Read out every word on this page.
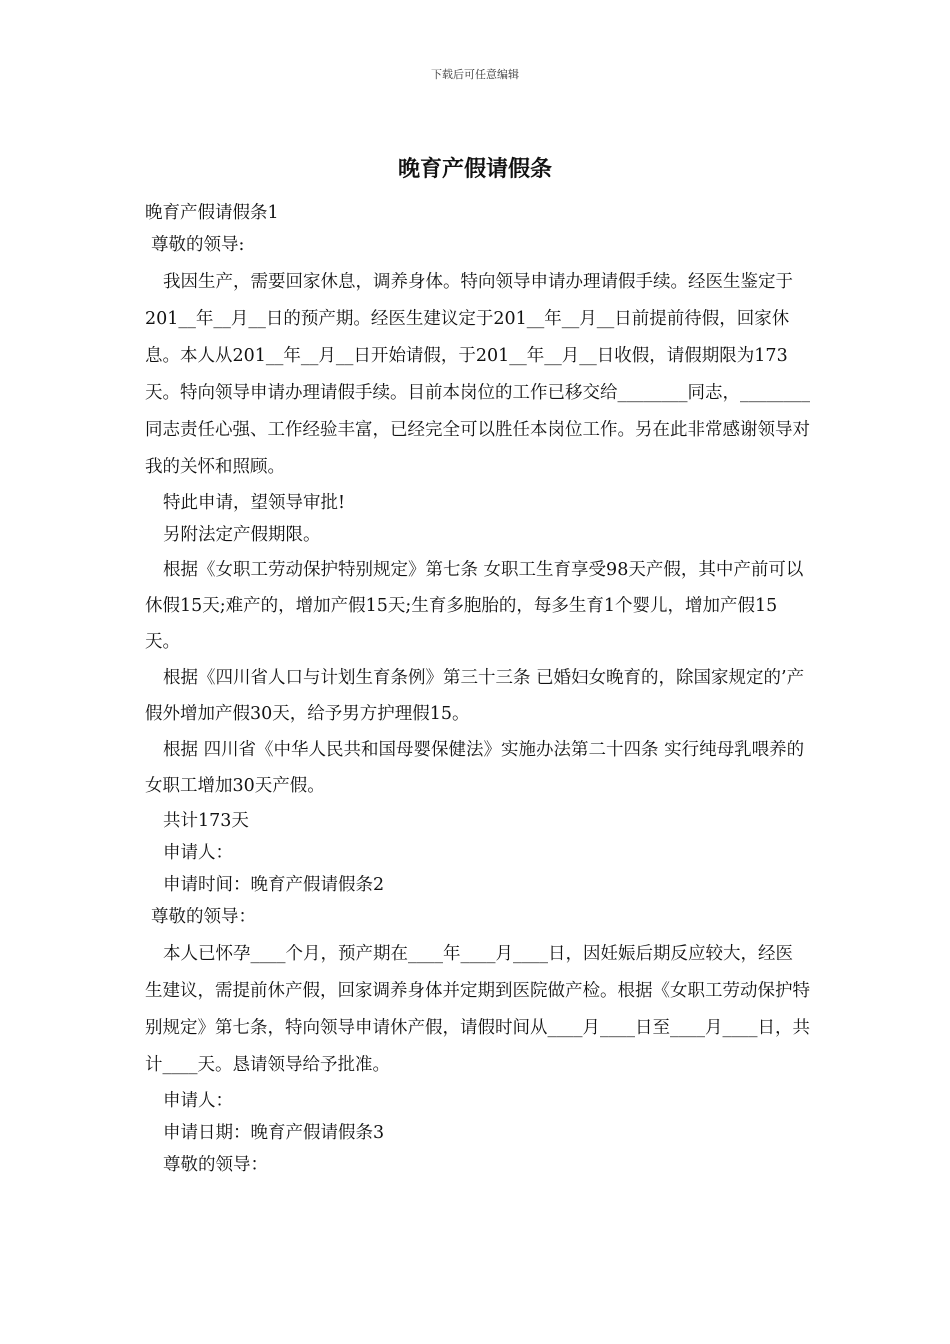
下载后可任意编辑
晚育产假请假条
晚育产假请假条1
尊敬的领导:

我因生产，需要回家休息，调养身体。特向领导申请办理请假手续。经医生鉴定于201__年__月__日的预产期。经医生建议定于201__年__月__日前提前待假，回家休息。本人从201__年__月__日开始请假，于201__年__月__日收假，请假期限为173天。特向领导申请办理请假手续。目前本岗位的工作已移交给________同志，________同志责任心强、工作经验丰富，已经完全可以胜任本岗位工作。另在此非常感谢领导对我的关怀和照顾。

特此申请，望领导审批!
另附法定产假期限。

根据《女职工劳动保护特别规定》第七条 女职工生育享受98天产假，其中产前可以休假15天;难产的，增加产假15天;生育多胞胎的，每多生育1个婴儿，增加产假15天。

根据《四川省人口与计划生育条例》第三十三条 已婚妇女晚育的，除国家规定的’产假外增加产假30天，给予男方护理假15。

根据 四川省《中华人民共和国母婴保健法》实施办法第二十四条 实行纯母乳喂养的女职工增加30天产假。

共计173天
申请人：
申请时间：晚育产假请假条2
尊敬的领导：

本人已怀孕____个月，预产期在____年____月____日，因妊娠后期反应较大，经医生建议，需提前休产假，回家调养身体并定期到医院做产检。根据《女职工劳动保护特别规定》第七条，特向领导申请休产假，请假时间从____月____日至____月____日，共计____天。恳请领导给予批准。

申请人：
申请日期：晚育产假请假条3
尊敬的领导：
